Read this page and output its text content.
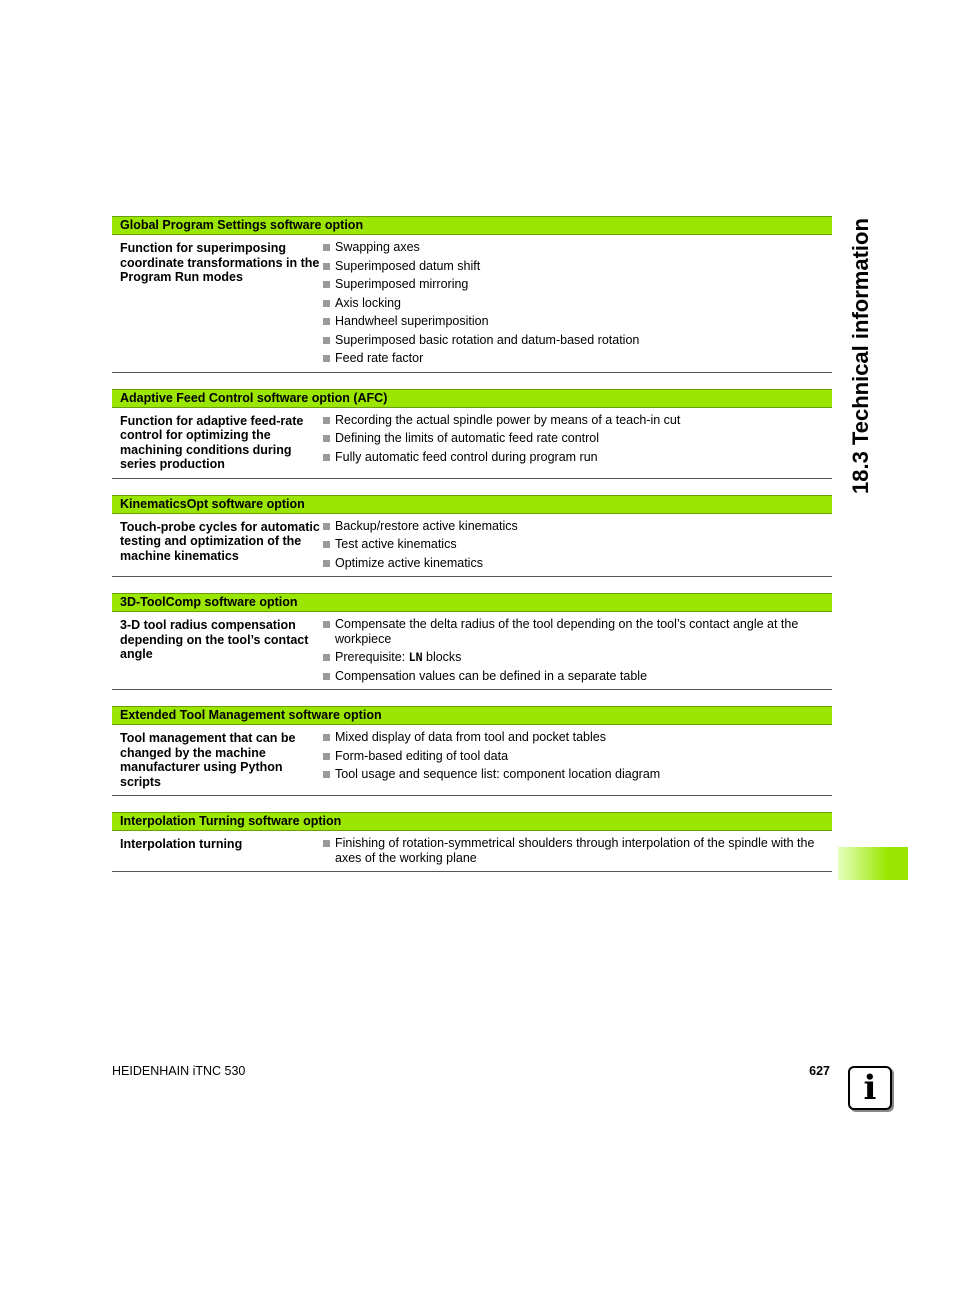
Global Program Settings software option
Function for superimposing coordinate transformations in the Program Run modes
Swapping axes
Superimposed datum shift
Superimposed mirroring
Axis locking
Handwheel superimposition
Superimposed basic rotation and datum-based rotation
Feed rate factor
Adaptive Feed Control software option (AFC)
Function for adaptive feed-rate control for optimizing the machining conditions during series production
Recording the actual spindle power by means of a teach-in cut
Defining the limits of automatic feed rate control
Fully automatic feed control during program run
KinematicsOpt software option
Touch-probe cycles for automatic testing and optimization of the machine kinematics
Backup/restore active kinematics
Test active kinematics
Optimize active kinematics
3D-ToolComp software option
3-D tool radius compensation depending on the tool’s contact angle
Compensate the delta radius of the tool depending on the tool’s contact angle at the workpiece
Prerequisite: LN blocks
Compensation values can be defined in a separate table
Extended Tool Management software option
Tool management that can be changed by the machine manufacturer using Python scripts
Mixed display of data from tool and pocket tables
Form-based editing of tool data
Tool usage and sequence list: component location diagram
Interpolation Turning software option
Interpolation turning	Finishing of rotation-symmetrical shoulders through interpolation of the spindle with the axes of the working plane
18.3 Technical information
HEIDENHAIN iTNC 530	627 i
